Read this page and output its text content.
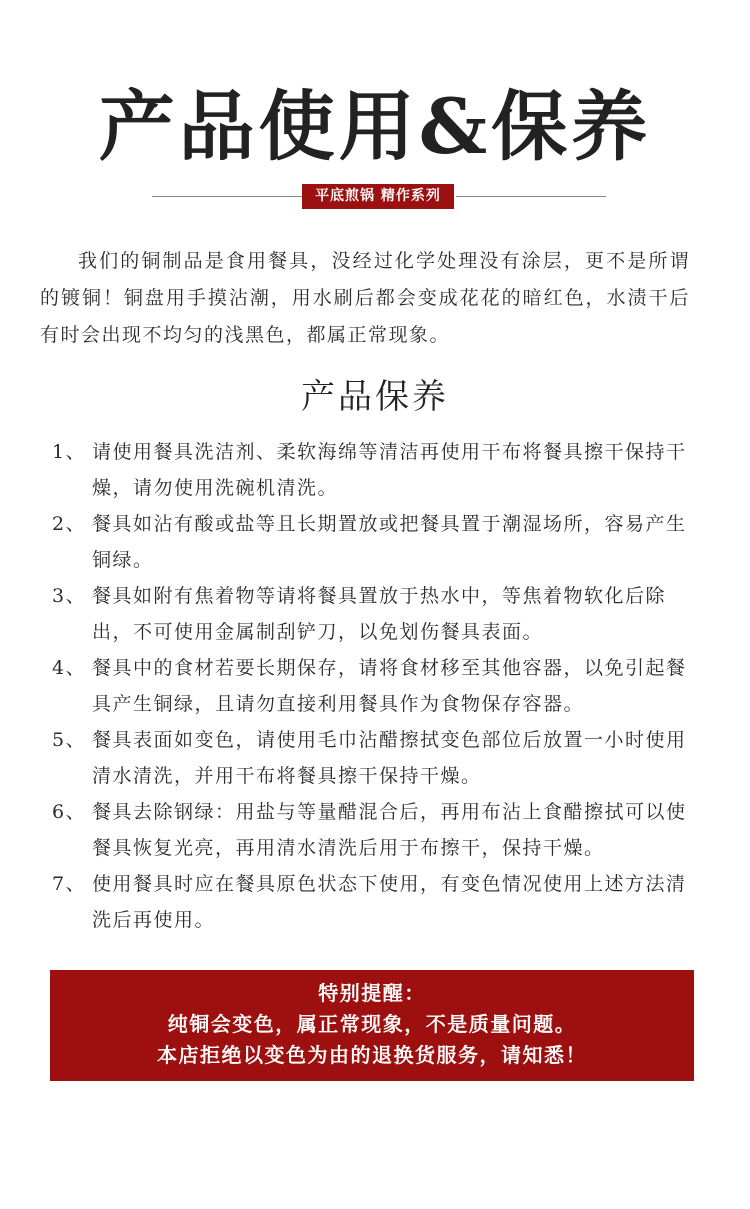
产品使用&保养
平底煎锅 精作系列

我们的铜制品是食用餐具，没经过化学处理没有涂层，更不是所谓的镀铜！铜盘用手摸沾潮，用水刷后都会变成花花的暗红色，水渍干后有时会出现不均匀的浅黑色，都属正常现象。

产品保养
1、 请使用餐具洗洁剂、柔软海绵等清洁再使用干布将餐具擦干保持干燥，请勿使用洗碗机清洗。
2、 餐具如沾有酸或盐等且长期置放或把餐具置于潮湿场所，容易产生铜绿。
3、 餐具如附有焦着物等请将餐具置放于热水中，等焦着物软化后除出，不可使用金属制刮铲刀，以免划伤餐具表面。
4、 餐具中的食材若要长期保存，请将食材移至其他容器，以免引起餐具产生铜绿，且请勿直接利用餐具作为食物保存容器。
5、 餐具表面如变色，请使用毛巾沾醋擦拭变色部位后放置一小时使用清水清洗，并用干布将餐具擦干保持干燥。
6、 餐具去除钢绿：用盐与等量醋混合后，再用布沾上食醋擦拭可以使餐具恢复光亮，再用清水清洗后用于布擦干，保持干燥。
7、 使用餐具时应在餐具原色状态下使用，有变色情况使用上述方法清洗后再使用。
特别提醒：
纯铜会变色，属正常现象，不是质量问题。
本店拒绝以变色为由的退换货服务，请知悉！
